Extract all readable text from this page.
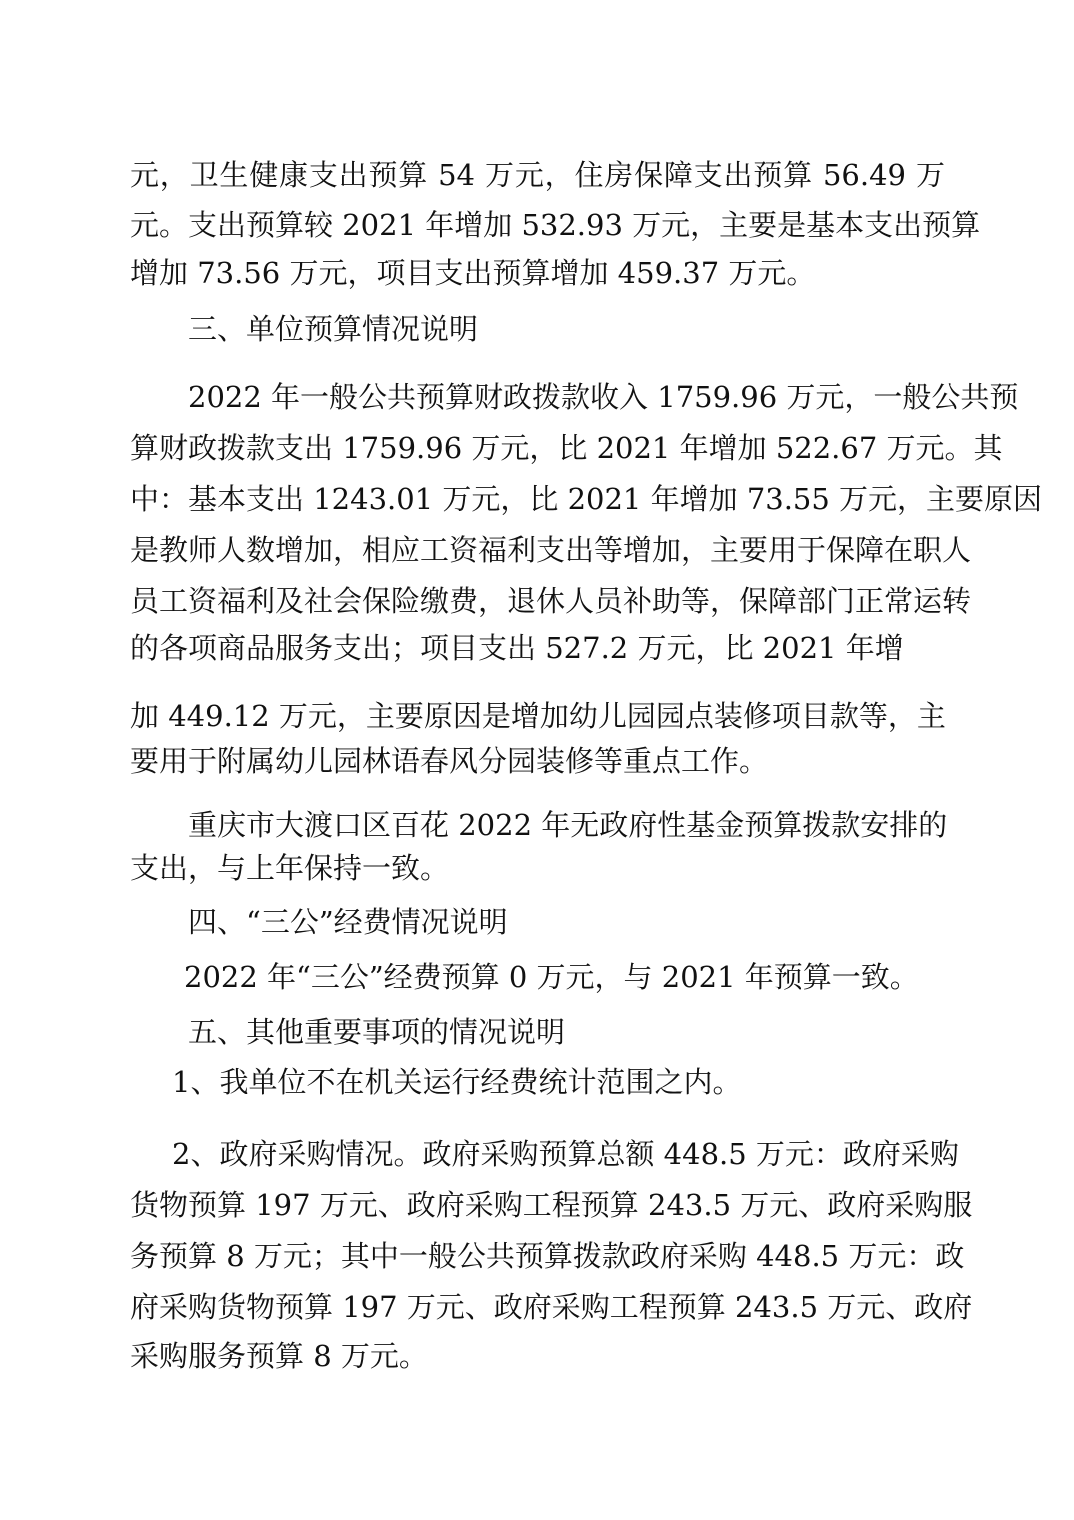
元，卫生健康支出预算 54 万元，住房保障支出预算 56.49 万
元。支出预算较 2021 年增加 532.93 万元，主要是基本支出预算
增加 73.56 万元，项目支出预算增加 459.37 万元。
三、单位预算情况说明
2022 年一般公共预算财政拨款收入 1759.96 万元，一般公共预
算财政拨款支出 1759.96 万元，比 2021 年增加 522.67 万元。其
中：基本支出 1243.01 万元，比 2021 年增加 73.55 万元，主要原因
是教师人数增加，相应工资福利支出等增加，主要用于保障在职人
员工资福利及社会保险缴费，退休人员补助等，保障部门正常运转
的各项商品服务支出；项目支出 527.2 万元，比 2021 年增
加 449.12 万元，主要原因是增加幼儿园园点装修项目款等，主
要用于附属幼儿园林语春风分园装修等重点工作。
重庆市大渡口区百花 2022 年无政府性基金预算拨款安排的
支出，与上年保持一致。
四、“三公”经费情况说明
2022 年“三公”经费预算 0 万元，与 2021 年预算一致。
五、其他重要事项的情况说明
1、我单位不在机关运行经费统计范围之内。
2、政府采购情况。政府采购预算总额 448.5 万元：政府采购
货物预算 197 万元、政府采购工程预算 243.5 万元、政府采购服
务预算 8 万元；其中一般公共预算拨款政府采购 448.5 万元：政
府采购货物预算 197 万元、政府采购工程预算 243.5 万元、政府
采购服务预算 8 万元。
